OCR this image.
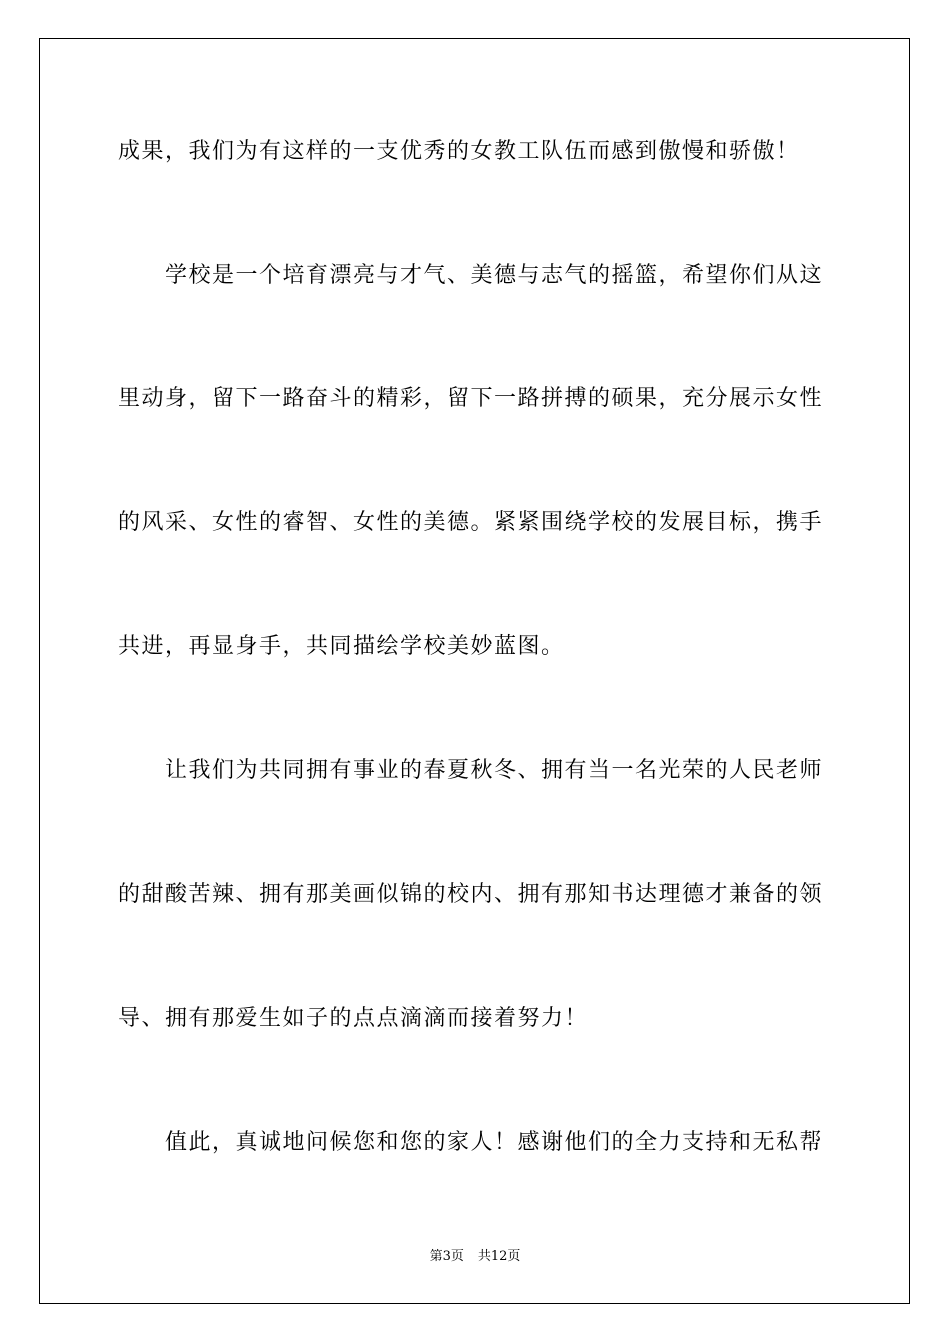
成果，我们为有这样的一支优秀的女教工队伍而感到傲慢和骄傲！
学校是一个培育漂亮与才气、美德与志气的摇篮，希望你们从这
里动身，留下一路奋斗的精彩，留下一路拼搏的硕果，充分展示女性
的风采、女性的睿智、女性的美德。紧紧围绕学校的发展目标，携手
共进，再显身手，共同描绘学校美妙蓝图。
让我们为共同拥有事业的春夏秋冬、拥有当一名光荣的人民老师
的甜酸苦辣、拥有那美画似锦的校内、拥有那知书达理德才兼备的领
导、拥有那爱生如子的点点滴滴而接着努力！
值此，真诚地问候您和您的家人！感谢他们的全力支持和无私帮
第3页 共12页
